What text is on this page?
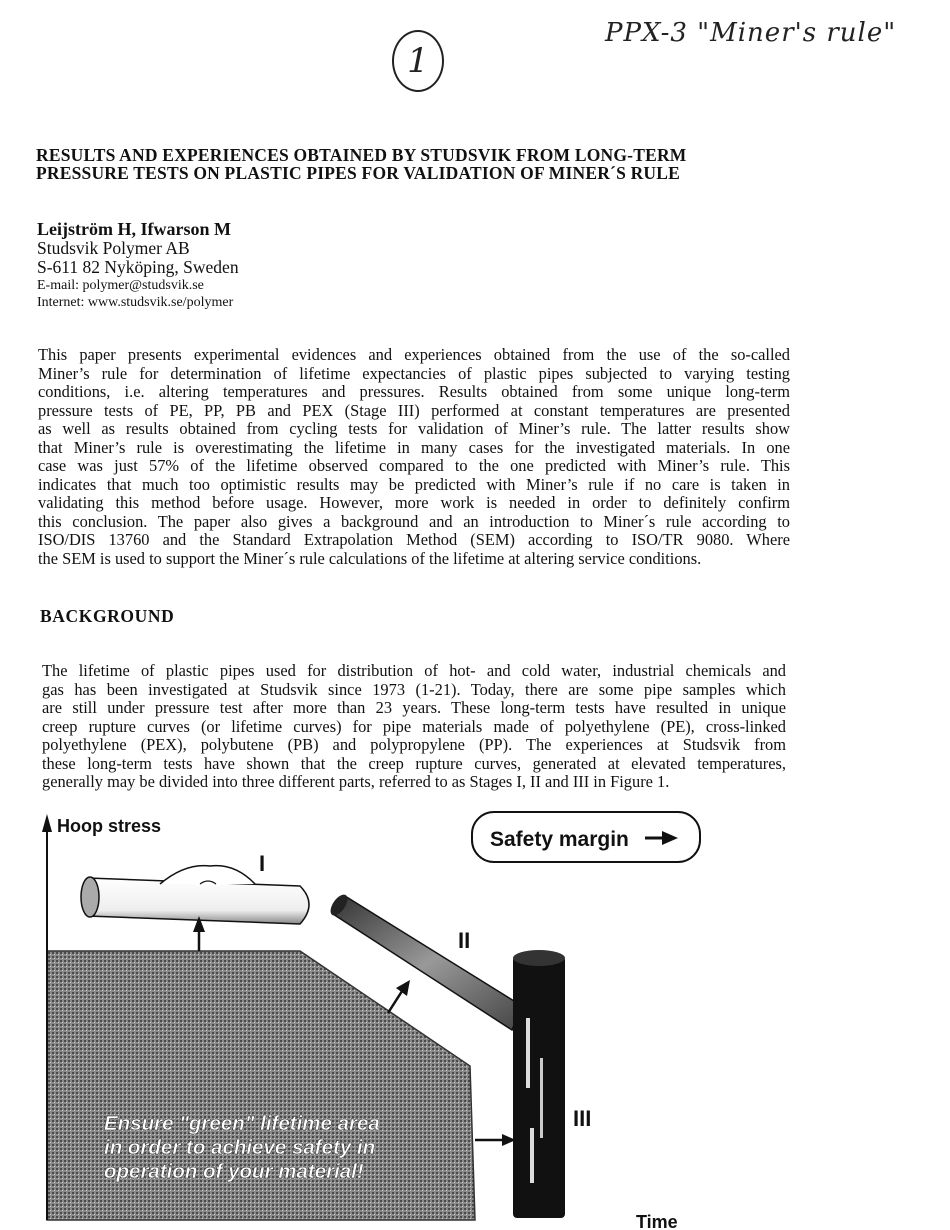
1
PPX-3 "Miner's rule"
RESULTS AND EXPERIENCES OBTAINED BY STUDSVIK FROM LONG-TERM
PRESSURE TESTS ON PLASTIC PIPES FOR VALIDATION OF MINER´S RULE
Leijström H, Ifwarson M
Studsvik Polymer AB
S-611 82 Nyköping, Sweden
E-mail: polymer@studsvik.se
Internet: www.studsvik.se/polymer
This paper presents experimental evidences and experiences obtained from the use of the so-called
Miner’s rule for determination of lifetime expectancies of plastic pipes subjected to varying testing
conditions, i.e. altering temperatures and pressures. Results obtained from some unique long-term
pressure tests of PE, PP, PB and PEX (Stage III) performed at constant temperatures are presented
as well as results obtained from cycling tests for validation of Miner’s rule. The latter results show
that Miner’s rule is overestimating the lifetime in many cases for the investigated materials. In one
case was just 57% of the lifetime observed compared to the one predicted with Miner’s rule. This
indicates that much too optimistic results may be predicted with Miner’s rule if no care is taken in
validating this method before usage. However, more work is needed in order to definitely confirm
this conclusion. The paper also gives a background and an introduction to Miner´s rule according to
ISO/DIS 13760 and the Standard Extrapolation Method (SEM) according to ISO/TR 9080. Where
the SEM is used to support the Miner´s rule calculations of the lifetime at altering service conditions.
BACKGROUND
The lifetime of plastic pipes used for distribution of hot- and cold water, industrial chemicals and
gas has been investigated at Studsvik since 1973 (1-21). Today, there are some pipe samples which
are still under pressure test after more than 23 years. These long-term tests have resulted in unique
creep rupture curves (or lifetime curves) for pipe materials made of polyethylene (PE), cross-linked
polyethylene (PEX), polybutene (PB) and polypropylene (PP). The experiences at Studsvik from
these long-term tests have shown that the creep rupture curves, generated at elevated temperatures,
generally may be divided into three different parts, referred to as Stages I, II and III in Figure 1.
Hoop stress
Safety margin
I
II
III
Ensure "green" lifetime area
in order to achieve safety in
operation of your material!
Time
